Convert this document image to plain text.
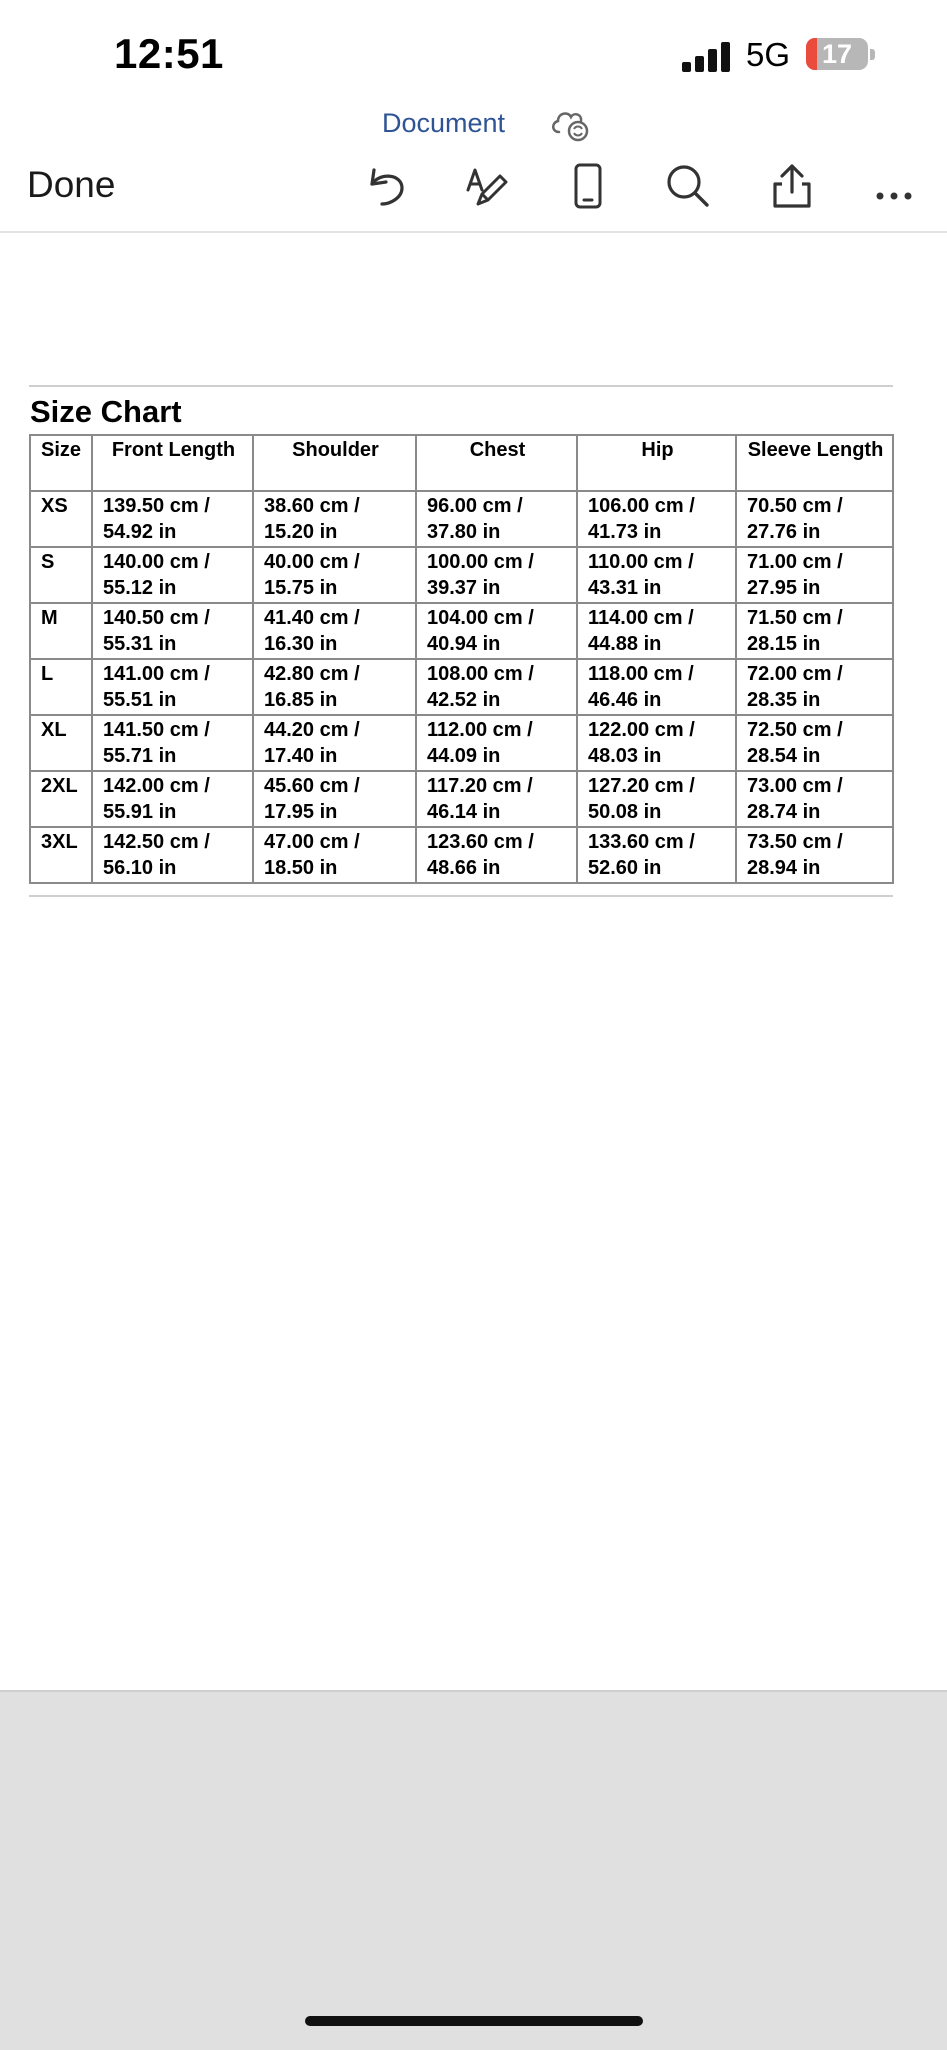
12:51	5G	17
Document
Done
Size Chart
Size	Front Length	Shoulder	Chest	Hip	Sleeve Length
XS	139.50 cm /
54.92 in	38.60 cm /
15.20 in	96.00 cm /
37.80 in	106.00 cm /
41.73 in	70.50 cm /
27.76 in

S	140.00 cm /
55.12 in	40.00 cm /
15.75 in	100.00 cm /
39.37 in	110.00 cm /
43.31 in	71.00 cm /
27.95 in

M	140.50 cm /
55.31 in	41.40 cm /
16.30 in	104.00 cm /
40.94 in	114.00 cm /
44.88 in	71.50 cm /
28.15 in

L	141.00 cm /
55.51 in	42.80 cm /
16.85 in	108.00 cm /
42.52 in	118.00 cm /
46.46 in	72.00 cm /
28.35 in

XL	141.50 cm /
55.71 in	44.20 cm /
17.40 in	112.00 cm /
44.09 in	122.00 cm /
48.03 in	72.50 cm /
28.54 in

2XL	142.00 cm /
55.91 in	45.60 cm /
17.95 in	117.20 cm /
46.14 in	127.20 cm /
50.08 in	73.00 cm /
28.74 in

3XL	142.50 cm /
56.10 in	47.00 cm /
18.50 in	123.60 cm /
48.66 in	133.60 cm /
52.60 in	73.50 cm /
28.94 in
